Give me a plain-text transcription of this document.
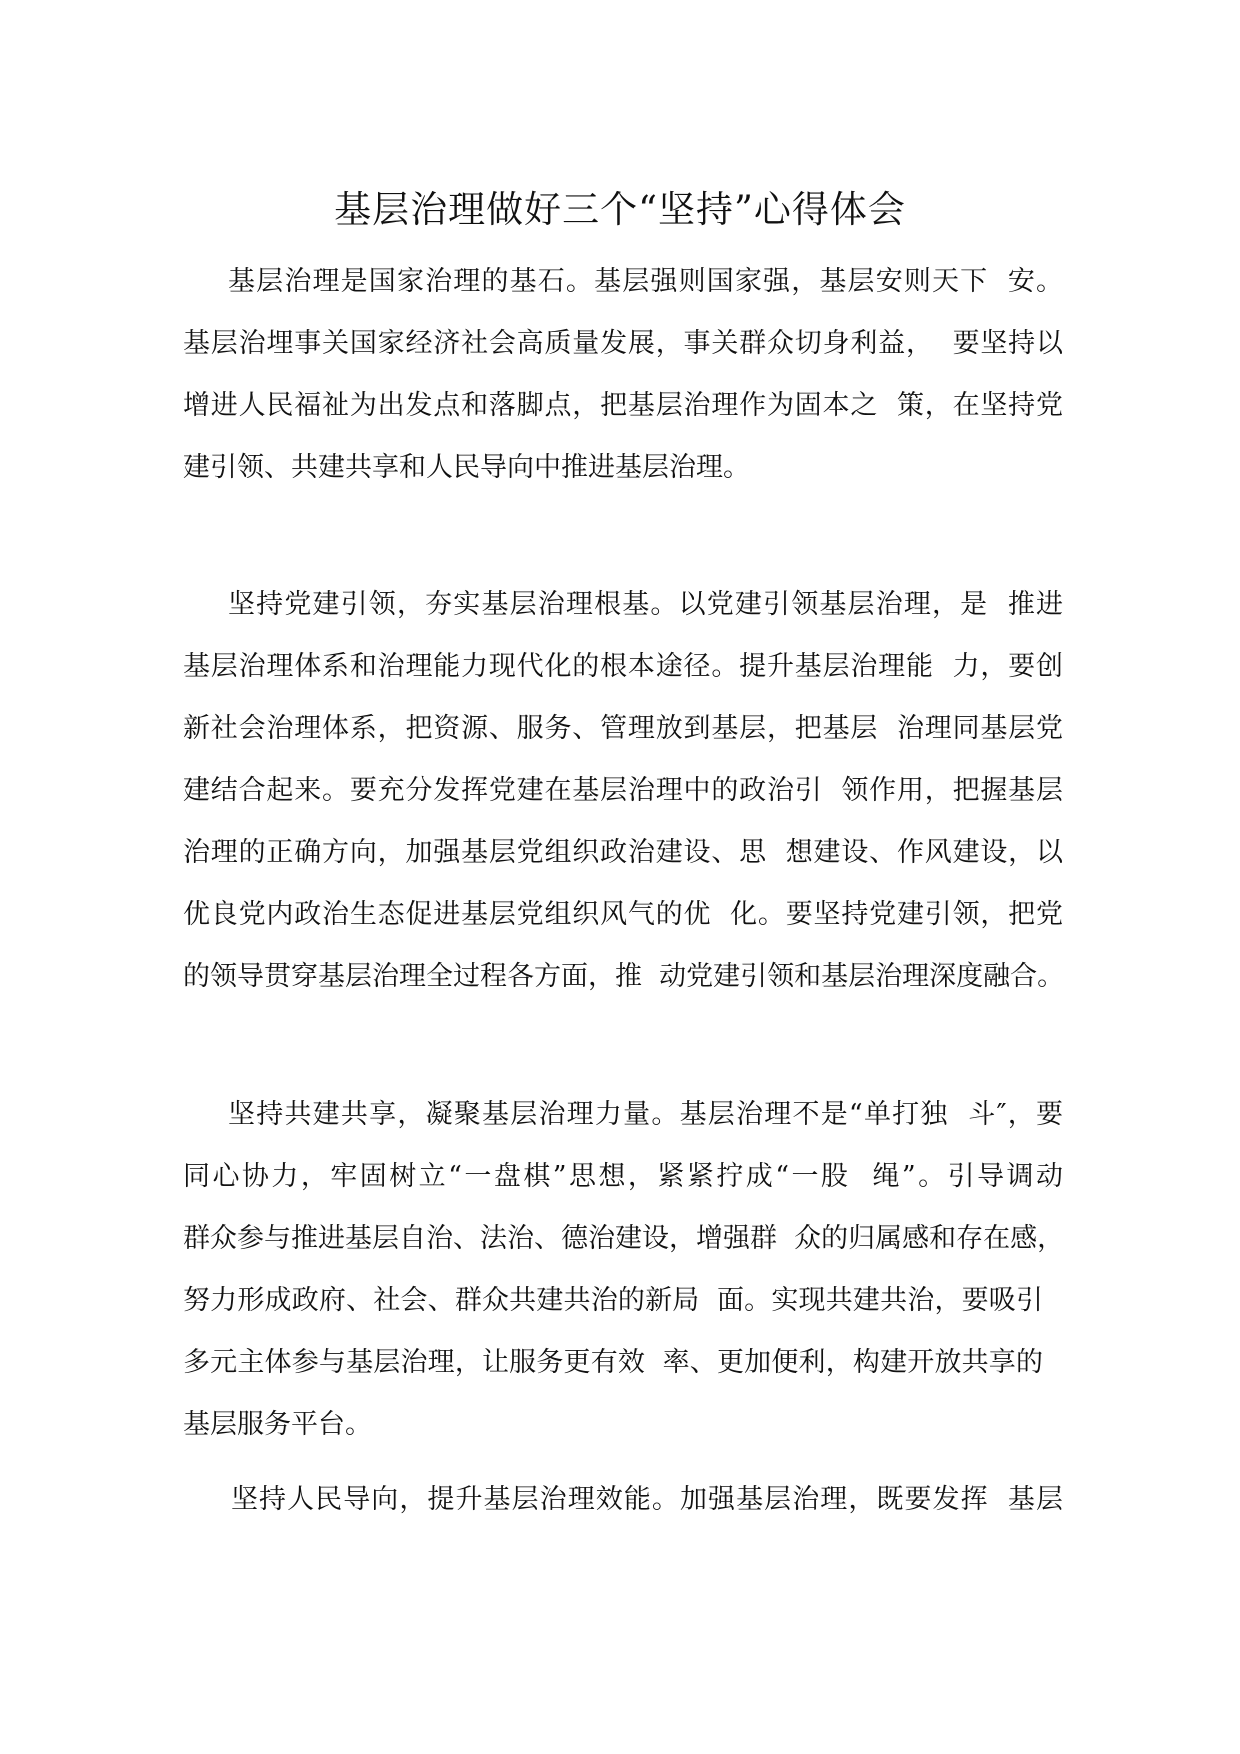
基层治理做好三个“坚持”心得体会
基层治理是国家治理的基石。基层强则国家强，基层安则天下  安。
基层治埋事关国家经济社会高质量发展，事关群众切身利益，  要坚持以
增进人民福祉为出发点和落脚点，把基层治理作为固本之  策，在坚持党
建引领、共建共享和人民导向中推进基层治理。
坚持党建引领，夯实基层治理根基。以党建引领基层治理，是  推进
基层治理体系和治理能力现代化的根本途径。提升基层治理能  力，要创
新社会治理体系，把资源、服务、管理放到基层，把基层  治理同基层党
建结合起来。要充分发挥党建在基层治理中的政治引  领作用，把握基层
治理的正确方向，加强基层党组织政治建设、思  想建设、作风建设，以
优良党内政治生态促进基层党组织风气的优  化。要坚持党建引领，把党
的领导贯穿基层治理全过程各方面，推  动党建引领和基层治理深度融合。
坚持共建共享，凝聚基层治理力量。基层治理不是“单打独  斗″，要
同心协力，牢固树立“一盘棋”思想，紧紧拧成“一股  绳”。引导调动
群众参与推进基层自治、法治、德治建设，增强群  众的归属感和存在感，
努力形成政府、社会、群众共建共治的新局  面。实现共建共治，要吸引
多元主体参与基层治理，让服务更有效  率、更加便利，构建开放共享的
基层服务平台。
坚持人民导向，提升基层治理效能。加强基层治理，既要发挥  基层
